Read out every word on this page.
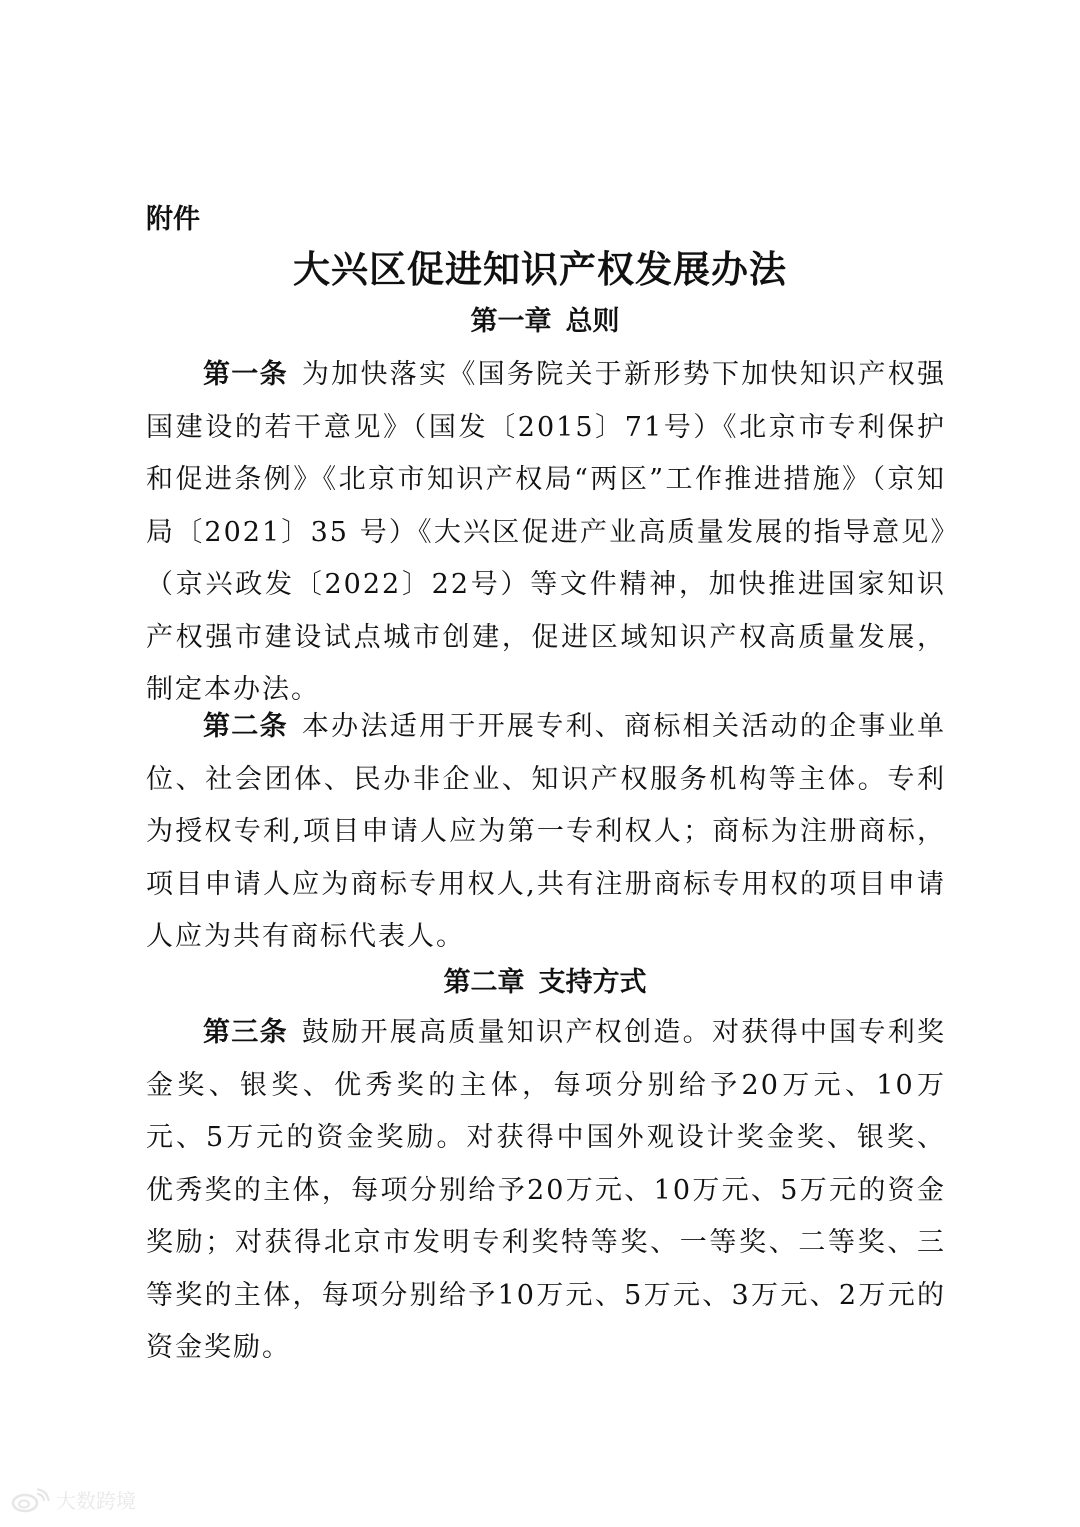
附件
大兴区促进知识产权发展办法
第一章 总则
第一条 为加快落实《国务院关于新形势下加快知识产权强国建设的若干意见》（国发〔2015〕71号）《北京市专利保护和促进条例》《北京市知识产权局“两区”工作推进措施》（京知局〔2021〕35 号）《大兴区促进产业高质量发展的指导意见》（京兴政发〔2022〕22号）等文件精神，加快推进国家知识产权强市建设试点城市创建，促进区域知识产权高质量发展，制定本办法。
第二条 本办法适用于开展专利、商标相关活动的企事业单位、社会团体、民办非企业、知识产权服务机构等主体。专利为授权专利,项目申请人应为第一专利权人；商标为注册商标，项目申请人应为商标专用权人,共有注册商标专用权的项目申请人应为共有商标代表人。
第二章 支持方式
第三条 鼓励开展高质量知识产权创造。对获得中国专利奖金奖、银奖、优秀奖的主体，每项分别给予20万元、10万元、5万元的资金奖励。对获得中国外观设计奖金奖、银奖、优秀奖的主体，每项分别给予20万元、10万元、5万元的资金奖励；对获得北京市发明专利奖特等奖、一等奖、二等奖、三等奖的主体，每项分别给予10万元、5万元、3万元、2万元的资金奖励。
大数跨境
